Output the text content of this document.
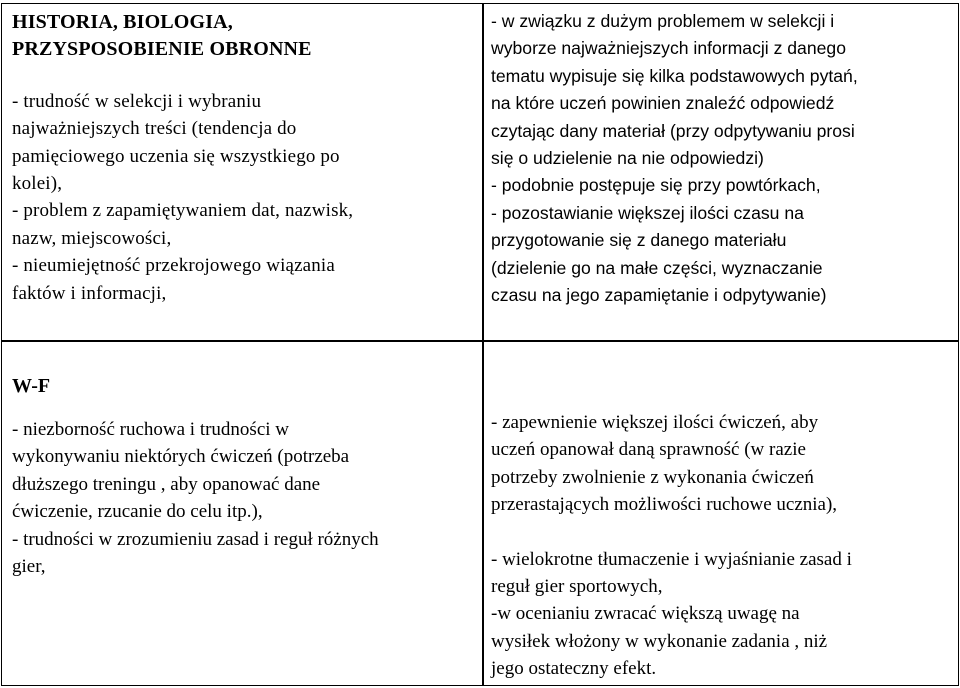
HISTORIA, BIOLOGIA,
PRZYSPOSOBIENIE OBRONNE

- trudność w selekcji i wybraniu
najważniejszych treści (tendencja do
pamięciowego uczenia się wszystkiego po
kolei),
- problem z zapamiętywaniem dat, nazwisk,
nazw, miejscowości,
- nieumiejętność przekrojowego wiązania
faktów i informacji,

- w związku z dużym problemem w selekcji i
wyborze najważniejszych informacji z danego
tematu wypisuje się kilka podstawowych pytań,
na które uczeń powinien znaleźć odpowiedź
czytając dany materiał (przy odpytywaniu prosi
się o udzielenie na nie odpowiedzi)
- podobnie postępuje się przy powtórkach,
- pozostawianie większej ilości czasu na
przygotowanie się z danego materiału
(dzielenie go na małe części, wyznaczanie
czasu na jego zapamiętanie i odpytywanie)

W-F

- niezborność ruchowa i trudności w
wykonywaniu niektórych ćwiczeń (potrzeba
dłuższego treningu , aby opanować dane
ćwiczenie, rzucanie do celu itp.),
- trudności w zrozumieniu zasad i reguł różnych
gier,

- zapewnienie większej ilości ćwiczeń, aby
uczeń opanował daną sprawność (w razie
potrzeby zwolnienie z wykonania ćwiczeń
przerastających możliwości ruchowe ucznia),

- wielokrotne tłumaczenie i wyjaśnianie zasad i
reguł gier sportowych,
-w ocenianiu zwracać większą uwagę na
wysiłek włożony w wykonanie zadania , niż
jego ostateczny efekt.
